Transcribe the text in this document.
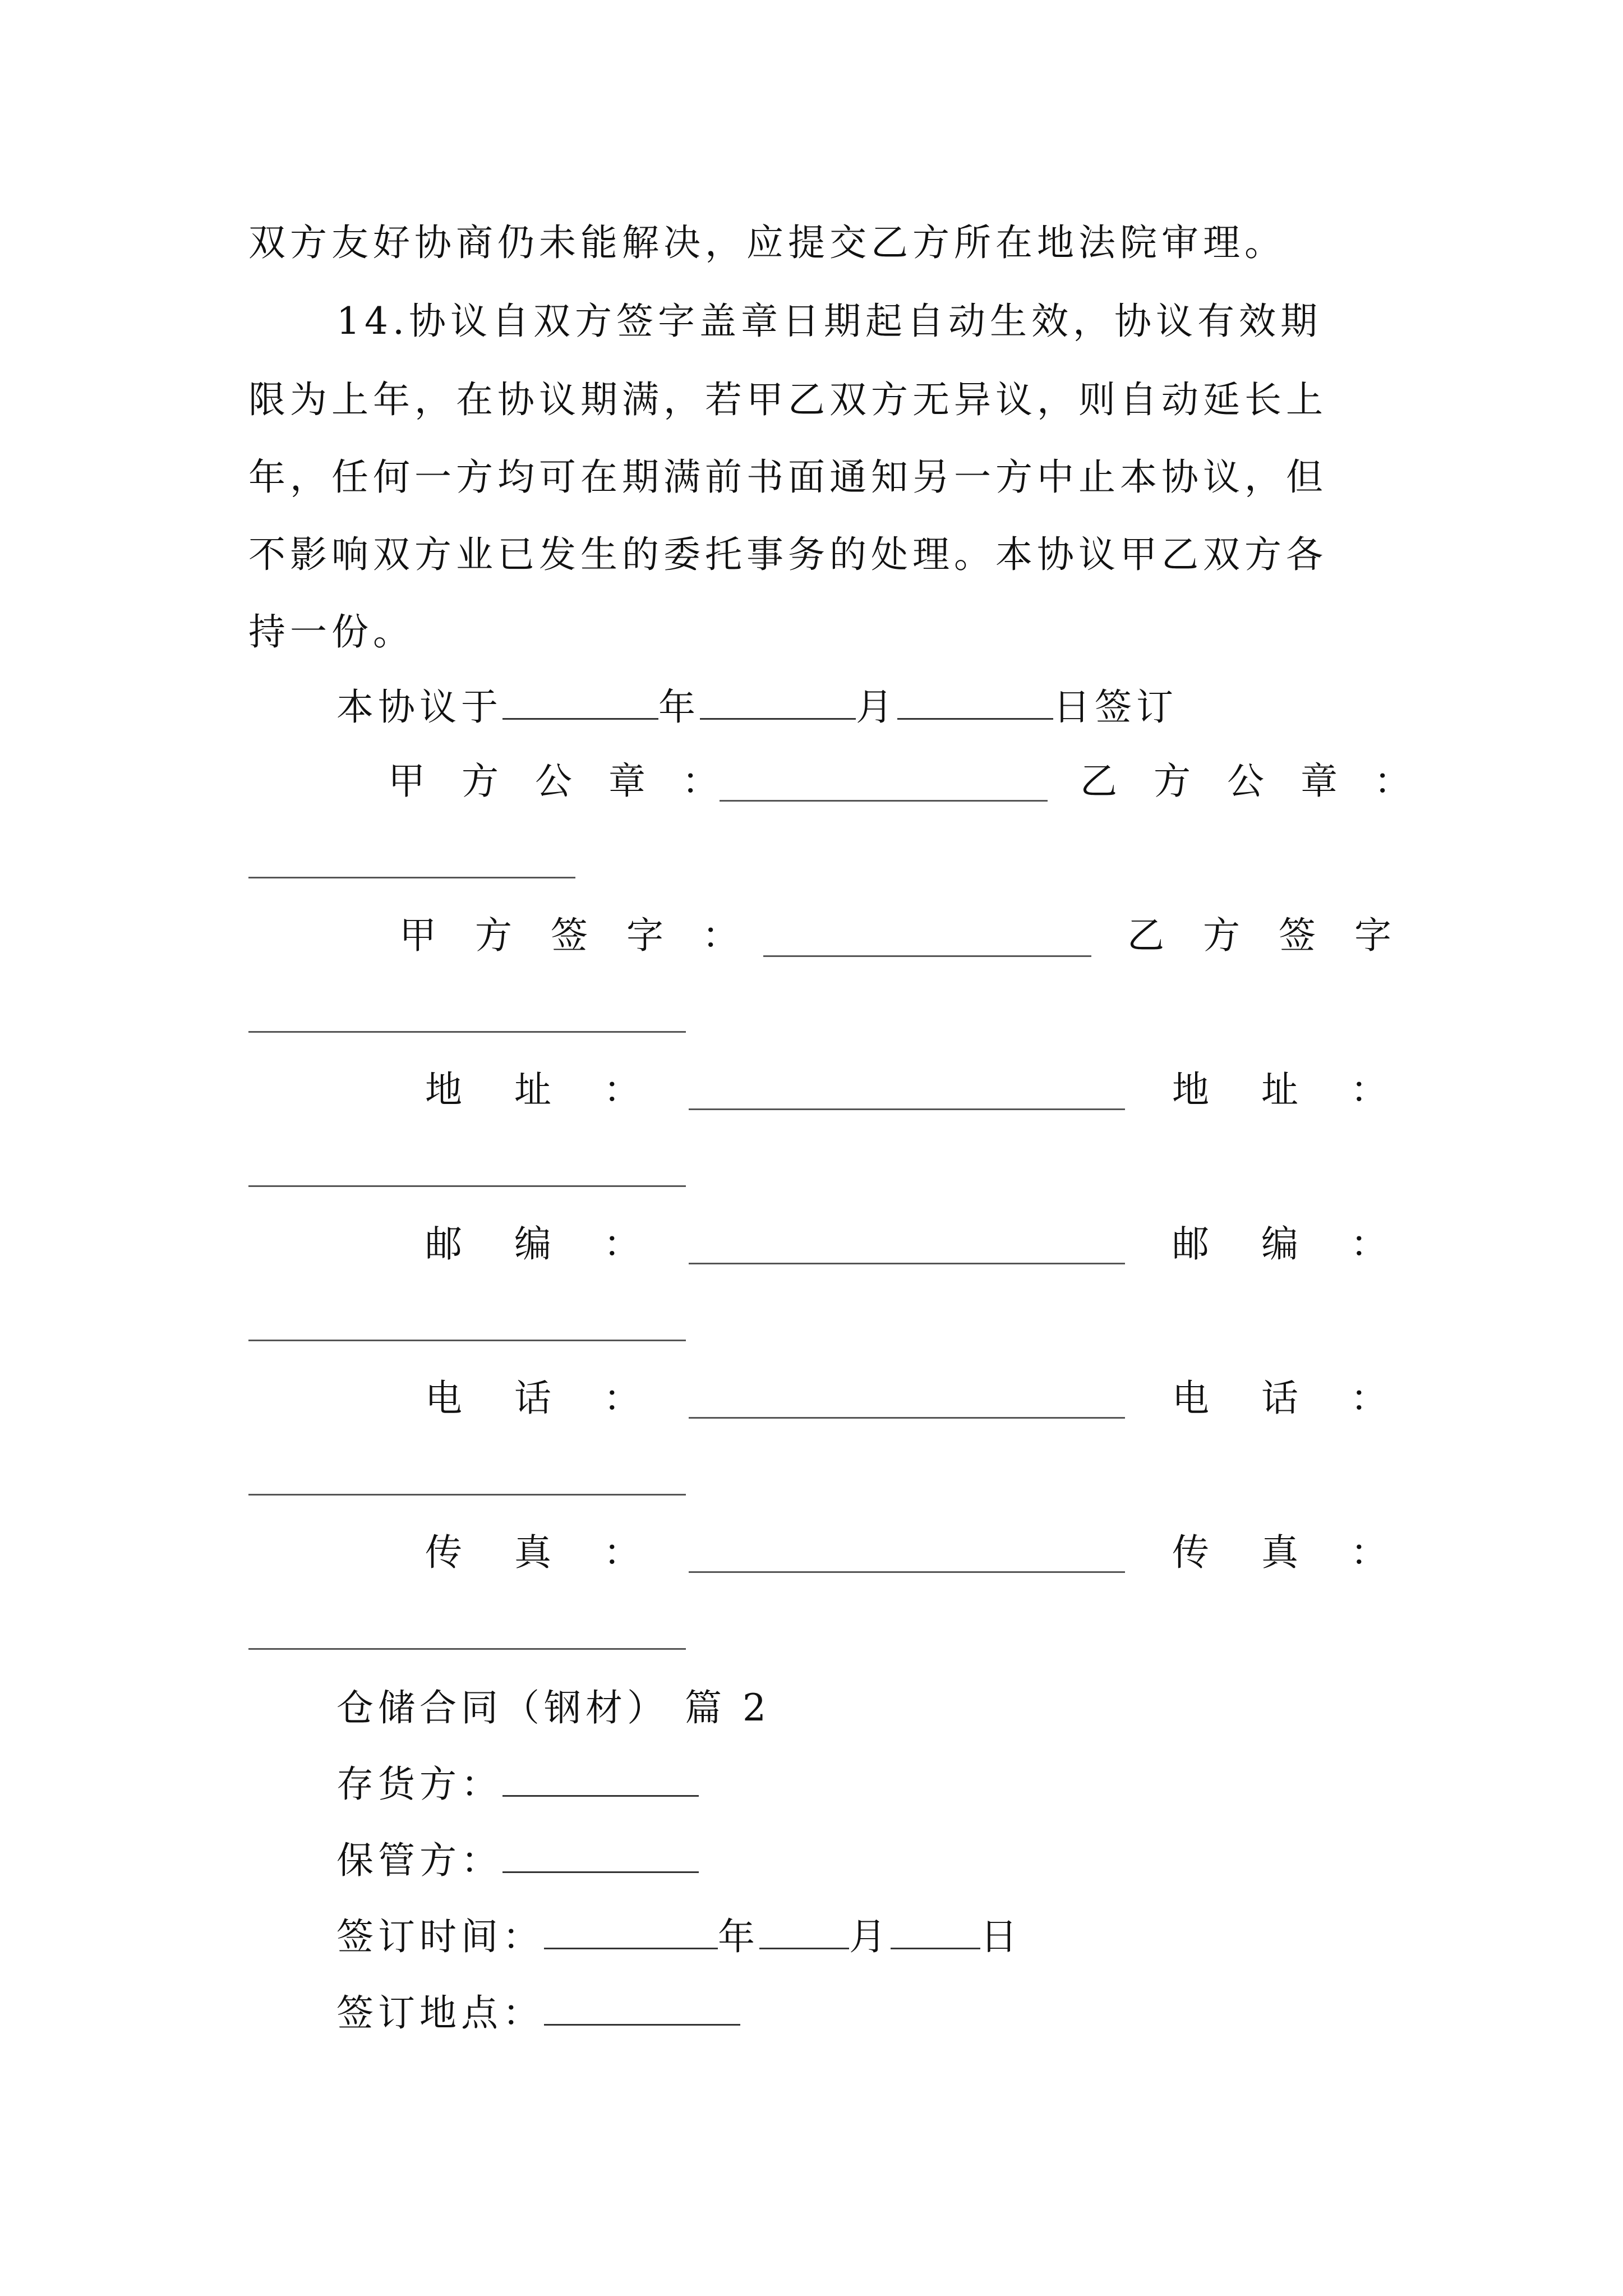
双方友好协商仍未能解决，应提交乙方所在地法院审理。
14.协议自双方签字盖章日期起自动生效，协议有效期
限为上年，在协议期满，若甲乙双方无异议，则自动延长上
年，任何一方均可在期满前书面通知另一方中止本协议，但
不影响双方业已发生的委托事务的处理。本协议甲乙双方各
持一份。
本协议于	年	月	日签订
甲 方 公 章 ：	乙 方 公 章 ：
甲 方 签 字 ：	乙 方 签 字
地 址 ：	地 址 ：
邮 编 ：	邮 编 ：
电 话 ：	电 话 ：
传 真 ：	传 真 ：
仓储合同（钢材） 篇 2
存货方：
保管方：
签订时间：	年 月 日
签订地点：
